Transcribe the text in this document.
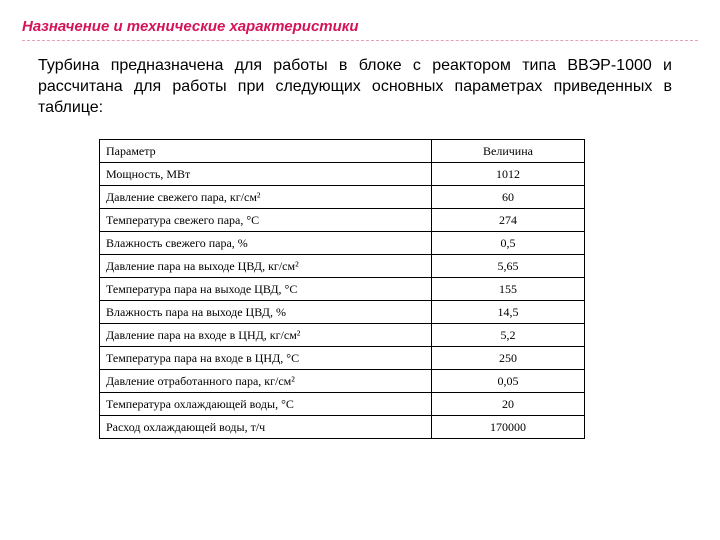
Назначение и технические характеристики

Турбина предназначена для работы в блоке с реактором типа ВВЭР-1000 и рассчитана для работы при следующих основных параметрах приведенных в таблице:

Параметр	Величина
Мощность, МВт	1012
Давление свежего пара, кг/см²	60
Температура свежего пара, °С	274
Влажность свежего пара, %	0,5
Давление пара на выходе ЦВД, кг/см²	5,65
Температура пара на выходе ЦВД, °С	155
Влажность пара на выходе ЦВД, %	14,5
Давление пара на входе в ЦНД, кг/см²	5,2
Температура пара на входе в ЦНД, °С	250
Давление отработанного пара, кг/см²	0,05
Температура охлаждающей воды, °С	20
Расход охлаждающей воды, т/ч	170000
